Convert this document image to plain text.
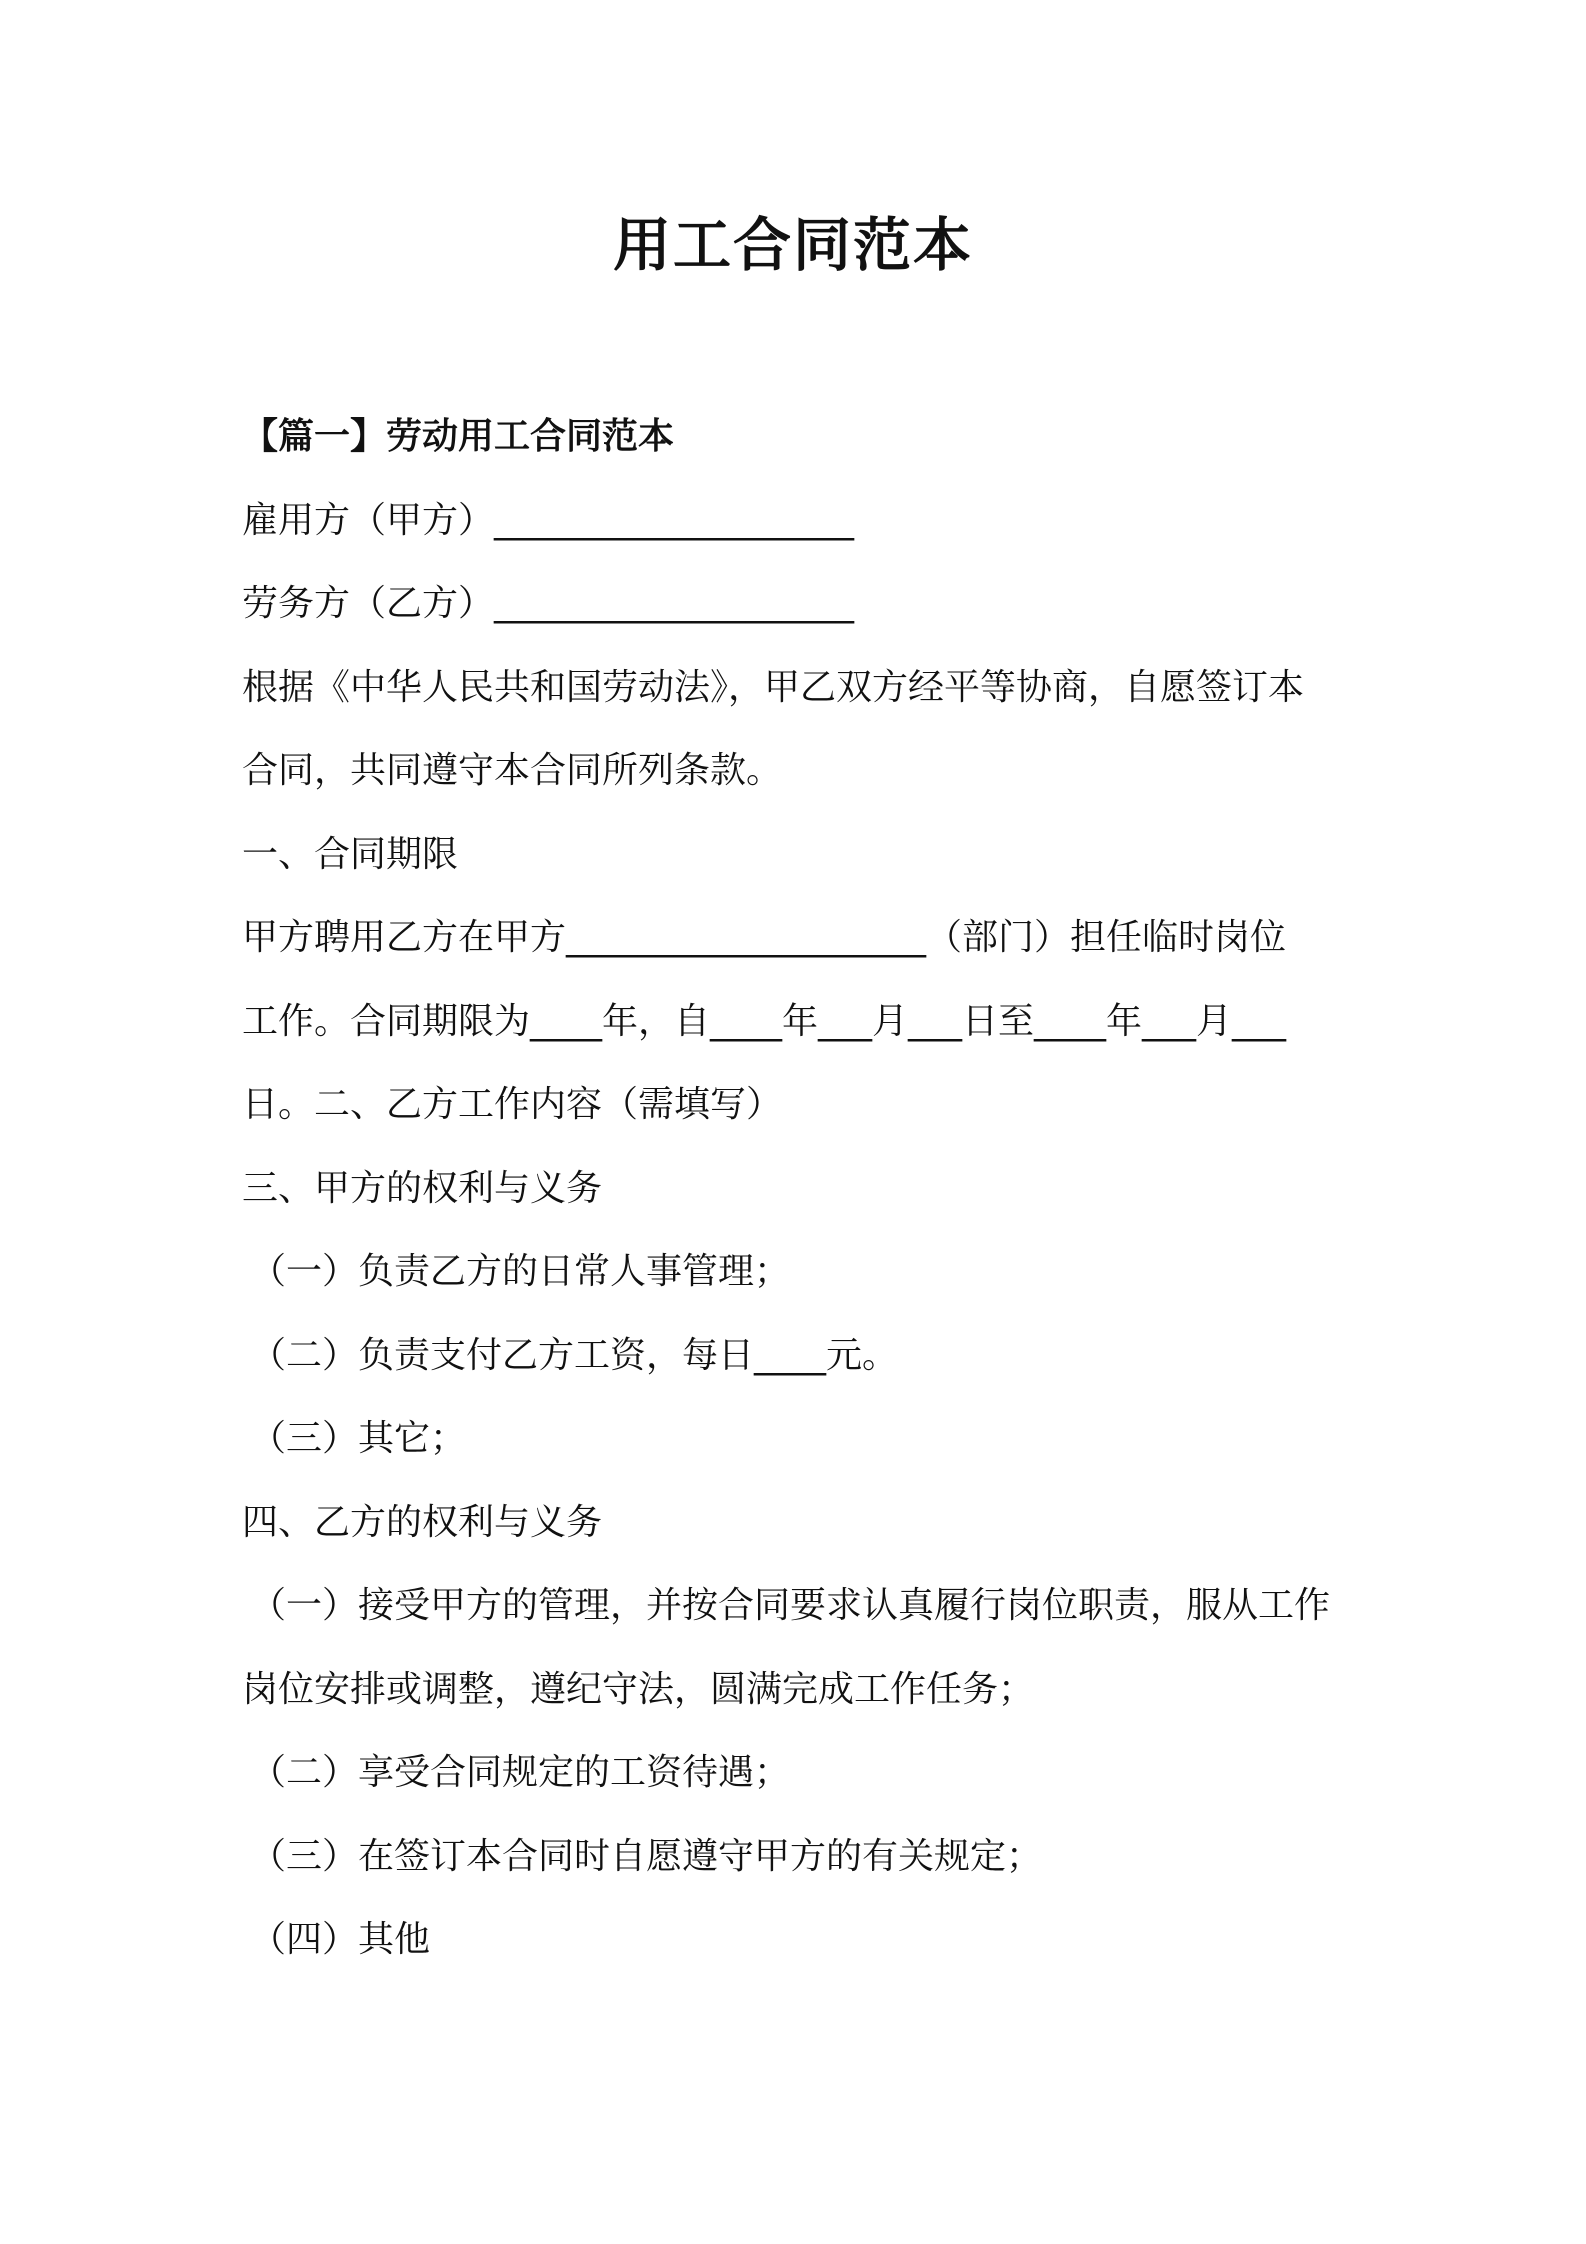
用工合同范本
【篇一】劳动用工合同范本
雇用方（甲方）____________________
劳务方（乙方）____________________
根据《中华人民共和国劳动法》，甲乙双方经平等协商，自愿签订本
合同，共同遵守本合同所列条款。
一、合同期限
甲方聘用乙方在甲方____________________（部门）担任临时岗位
工作。合同期限为____年，自____年___月___日至____年___月___
日。二、乙方工作内容（需填写）
三、甲方的权利与义务
（一）负责乙方的日常人事管理；
（二）负责支付乙方工资，每日____元。
（三）其它；
四、乙方的权利与义务
（一）接受甲方的管理，并按合同要求认真履行岗位职责，服从工作
岗位安排或调整，遵纪守法，圆满完成工作任务；
（二）享受合同规定的工资待遇；
（三）在签订本合同时自愿遵守甲方的有关规定；
（四）其他
